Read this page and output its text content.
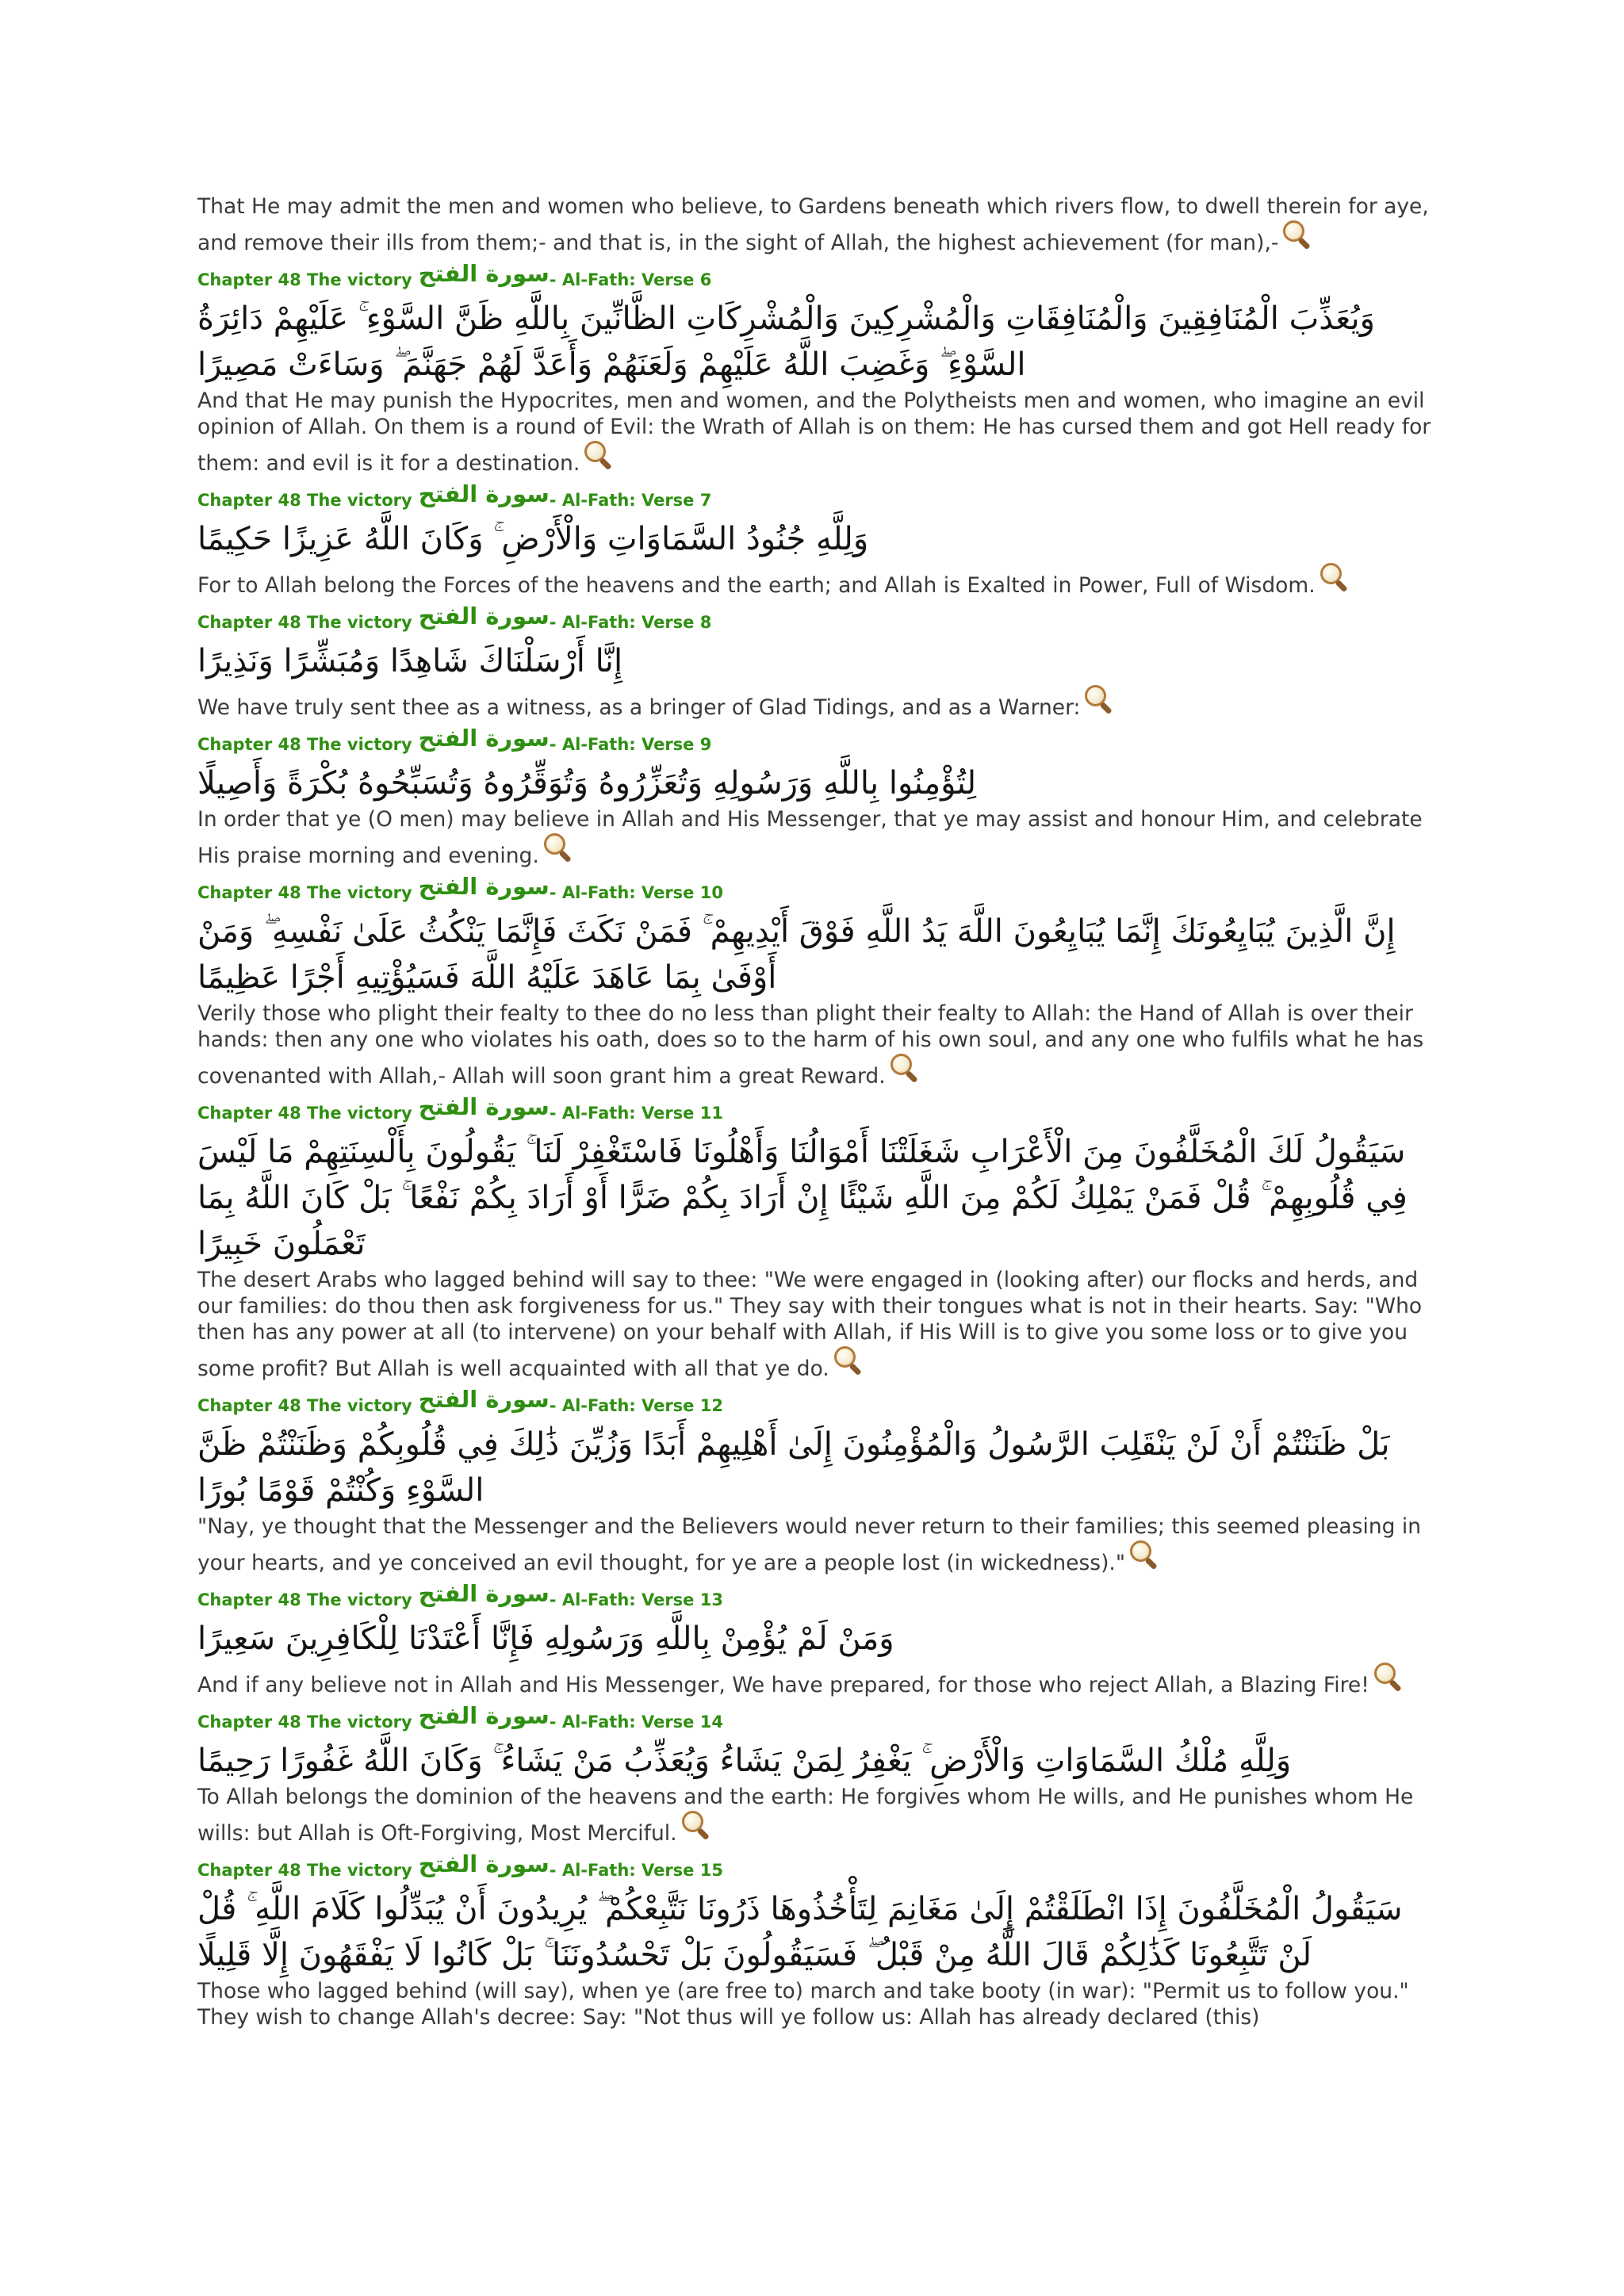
That He may admit the men and women who believe, to Gardens beneath which rivers flow, to dwell therein for aye, and remove their ills from them;- and that is, in the sight of Allah, the highest achievement (for man),-

Chapter 48 The victory سورة الفتح- Al-Fath: Verse 6

وَيُعَذِّبَ الْمُنَافِقِينَ وَالْمُنَافِقَاتِ وَالْمُشْرِكِينَ وَالْمُشْرِكَاتِ الظَّانِّينَ بِاللَّهِ ظَنَّ السَّوْءِ ۚ عَلَيْهِمْ دَائِرَةُ السَّوْءِ ۖ وَغَضِبَ اللَّهُ عَلَيْهِمْ وَلَعَنَهُمْ وَأَعَدَّ لَهُمْ جَهَنَّمَ ۖ وَسَاءَتْ مَصِيرًا

And that He may punish the Hypocrites, men and women, and the Polytheists men and women, who imagine an evil opinion of Allah. On them is a round of Evil: the Wrath of Allah is on them: He has cursed them and got Hell ready for them: and evil is it for a destination.

Chapter 48 The victory سورة الفتح- Al-Fath: Verse 7

وَلِلَّهِ جُنُودُ السَّمَاوَاتِ وَالْأَرْضِ ۚ وَكَانَ اللَّهُ عَزِيزًا حَكِيمًا

For to Allah belong the Forces of the heavens and the earth; and Allah is Exalted in Power, Full of Wisdom.

Chapter 48 The victory سورة الفتح- Al-Fath: Verse 8

إِنَّا أَرْسَلْنَاكَ شَاهِدًا وَمُبَشِّرًا وَنَذِيرًا

We have truly sent thee as a witness, as a bringer of Glad Tidings, and as a Warner:

Chapter 48 The victory سورة الفتح- Al-Fath: Verse 9

لِتُؤْمِنُوا بِاللَّهِ وَرَسُولِهِ وَتُعَزِّرُوهُ وَتُوَقِّرُوهُ وَتُسَبِّحُوهُ بُكْرَةً وَأَصِيلًا

In order that ye (O men) may believe in Allah and His Messenger, that ye may assist and honour Him, and celebrate His praise morning and evening.

Chapter 48 The victory سورة الفتح- Al-Fath: Verse 10

إِنَّ الَّذِينَ يُبَايِعُونَكَ إِنَّمَا يُبَايِعُونَ اللَّهَ يَدُ اللَّهِ فَوْقَ أَيْدِيهِمْ ۚ فَمَنْ نَكَثَ فَإِنَّمَا يَنْكُثُ عَلَىٰ نَفْسِهِ ۖ وَمَنْ أَوْفَىٰ بِمَا عَاهَدَ عَلَيْهُ اللَّهَ فَسَيُؤْتِيهِ أَجْرًا عَظِيمًا

Verily those who plight their fealty to thee do no less than plight their fealty to Allah: the Hand of Allah is over their hands: then any one who violates his oath, does so to the harm of his own soul, and any one who fulfils what he has covenanted with Allah,- Allah will soon grant him a great Reward.

Chapter 48 The victory سورة الفتح- Al-Fath: Verse 11

سَيَقُولُ لَكَ الْمُخَلَّفُونَ مِنَ الْأَعْرَابِ شَغَلَتْنَا أَمْوَالُنَا وَأَهْلُونَا فَاسْتَغْفِرْ لَنَا ۚ يَقُولُونَ بِأَلْسِنَتِهِمْ مَا لَيْسَ فِي قُلُوبِهِمْ ۚ قُلْ فَمَنْ يَمْلِكُ لَكُمْ مِنَ اللَّهِ شَيْئًا إِنْ أَرَادَ بِكُمْ ضَرًّا أَوْ أَرَادَ بِكُمْ نَفْعًا ۚ بَلْ كَانَ اللَّهُ بِمَا تَعْمَلُونَ خَبِيرًا

The desert Arabs who lagged behind will say to thee: "We were engaged in (looking after) our flocks and herds, and our families: do thou then ask forgiveness for us." They say with their tongues what is not in their hearts. Say: "Who then has any power at all (to intervene) on your behalf with Allah, if His Will is to give you some loss or to give you some profit? But Allah is well acquainted with all that ye do.

Chapter 48 The victory سورة الفتح- Al-Fath: Verse 12

بَلْ ظَنَنْتُمْ أَنْ لَنْ يَنْقَلِبَ الرَّسُولُ وَالْمُؤْمِنُونَ إِلَىٰ أَهْلِيهِمْ أَبَدًا وَزُيِّنَ ذَٰلِكَ فِي قُلُوبِكُمْ وَظَنَنْتُمْ ظَنَّ السَّوْءِ وَكُنْتُمْ قَوْمًا بُورًا

"Nay, ye thought that the Messenger and the Believers would never return to their families; this seemed pleasing in your hearts, and ye conceived an evil thought, for ye are a people lost (in wickedness)."

Chapter 48 The victory سورة الفتح- Al-Fath: Verse 13

وَمَنْ لَمْ يُؤْمِنْ بِاللَّهِ وَرَسُولِهِ فَإِنَّا أَعْتَدْنَا لِلْكَافِرِينَ سَعِيرًا

And if any believe not in Allah and His Messenger, We have prepared, for those who reject Allah, a Blazing Fire!

Chapter 48 The victory سورة الفتح- Al-Fath: Verse 14

وَلِلَّهِ مُلْكُ السَّمَاوَاتِ وَالْأَرْضِ ۚ يَغْفِرُ لِمَنْ يَشَاءُ وَيُعَذِّبُ مَنْ يَشَاءُ ۚ وَكَانَ اللَّهُ غَفُورًا رَحِيمًا

To Allah belongs the dominion of the heavens and the earth: He forgives whom He wills, and He punishes whom He wills: but Allah is Oft-Forgiving, Most Merciful.

Chapter 48 The victory سورة الفتح- Al-Fath: Verse 15

سَيَقُولُ الْمُخَلَّفُونَ إِذَا انْطَلَقْتُمْ إِلَىٰ مَغَانِمَ لِتَأْخُذُوهَا ذَرُونَا نَتَّبِعْكُمْ ۖ يُرِيدُونَ أَنْ يُبَدِّلُوا كَلَامَ اللَّهِ ۚ قُلْ لَنْ تَتَّبِعُونَا كَذَٰلِكُمْ قَالَ اللَّهُ مِنْ قَبْلُ ۖ فَسَيَقُولُونَ بَلْ تَحْسُدُونَنَا ۚ بَلْ كَانُوا لَا يَفْقَهُونَ إِلَّا قَلِيلًا

Those who lagged behind (will say), when ye (are free to) march and take booty (in war): "Permit us to follow you." They wish to change Allah's decree: Say: "Not thus will ye follow us: Allah has already declared (this)
